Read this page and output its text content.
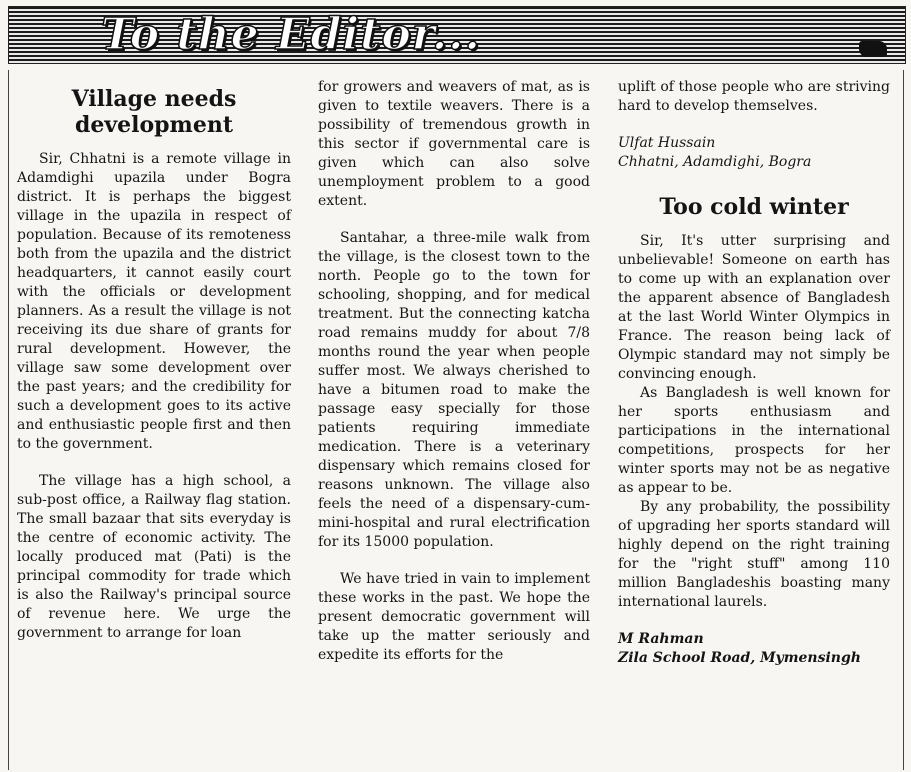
To the Editor...
Village needs development

Sir, Chhatni is a remote village in Adamdighi upazila under Bogra district. It is perhaps the biggest village in the upazila in respect of population. Because of its remoteness both from the upazila and the district headquarters, it cannot easily court with the officials or development planners. As a result the village is not receiving its due share of grants for rural development. However, the village saw some development over the past years; and the credibility for such a development goes to its active and enthusiastic people first and then to the government.

The village has a high school, a sub-post office, a Railway flag station. The small bazaar that sits everyday is the centre of economic activity. The locally produced mat (Pati) is the principal commodity for trade which is also the Railway's principal source of revenue here. We urge the government to arrange for loan

for growers and weavers of mat, as is given to textile weavers. There is a possibility of tremendous growth in this sector if governmental care is given which can also solve unemployment problem to a good extent.

Santahar, a three-mile walk from the village, is the closest town to the north. People go to the town for schooling, shopping, and for medical treatment. But the connecting katcha road remains muddy for about 7/8 months round the year when people suffer most. We always cherished to have a bitumen road to make the passage easy specially for those patients requiring immediate medication. There is a veterinary dispensary which remains closed for reasons unknown. The village also feels the need of a dispensary-cum-mini-hospital and rural electrification for its 15000 population.

We have tried in vain to implement these works in the past. We hope the present democratic government will take up the matter seriously and expedite its efforts for the

uplift of those people who are striving hard to develop themselves.

Ulfat Hussain

Chhatni, Adamdighi, Bogra

Too cold winter

Sir, It's utter surprising and unbelievable! Someone on earth has to come up with an explanation over the apparent absence of Bangladesh at the last World Winter Olympics in France. The reason being lack of Olympic standard may not simply be convincing enough.

As Bangladesh is well known for her sports enthusiasm and participations in the international competitions, prospects for her winter sports may not be as negative as appear to be.

By any probability, the possibility of upgrading her sports standard will highly depend on the right training for the "right stuff" among 110 million Bangladeshis boasting many international laurels.

M Rahman

Zila School Road, Mymensingh
